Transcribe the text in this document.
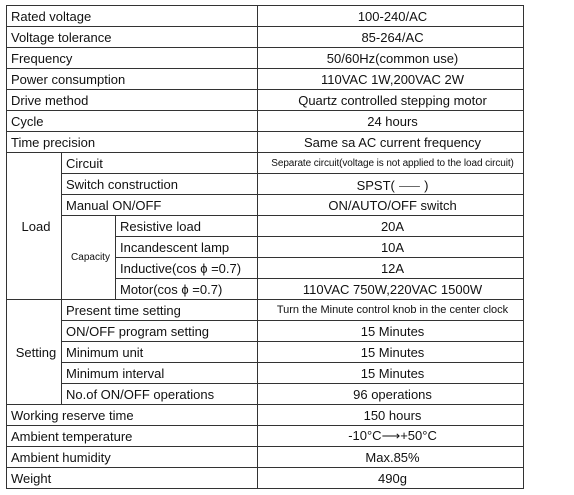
Rated voltage			100-240/AC
Voltage tolerance			85-264/AC
Frequency			50/60Hz(common use)
Power consumption			110VAC 1W,200VAC 2W
Drive method			Quartz controlled stepping motor
Cycle			24 hours
Time precision			Same sa AC current frequency
Load	Circuit		Separate circuit(voltage is not applied to the load circuit)
	Switch construction		SPST( ⸺ )
	Manual ON/OFF		ON/AUTO/OFF switch
	Capacity	Resistive load	20A
		Incandescent lamp	10A
		Inductive(cos ϕ =0.7)	12A
		Motor(cos ϕ =0.7)	110VAC 750W,220VAC 1500W
Setting	Present time setting		Turn the Minute control knob in the center clock
	ON/OFF program setting		15 Minutes
	Minimum unit		15 Minutes
	Minimum interval		15 Minutes
	No.of ON/OFF operations		96 operations
Working reserve time			150 hours
Ambient temperature			-10°C⟶+50°C
Ambient humidity			Max.85%
Weight			490g
